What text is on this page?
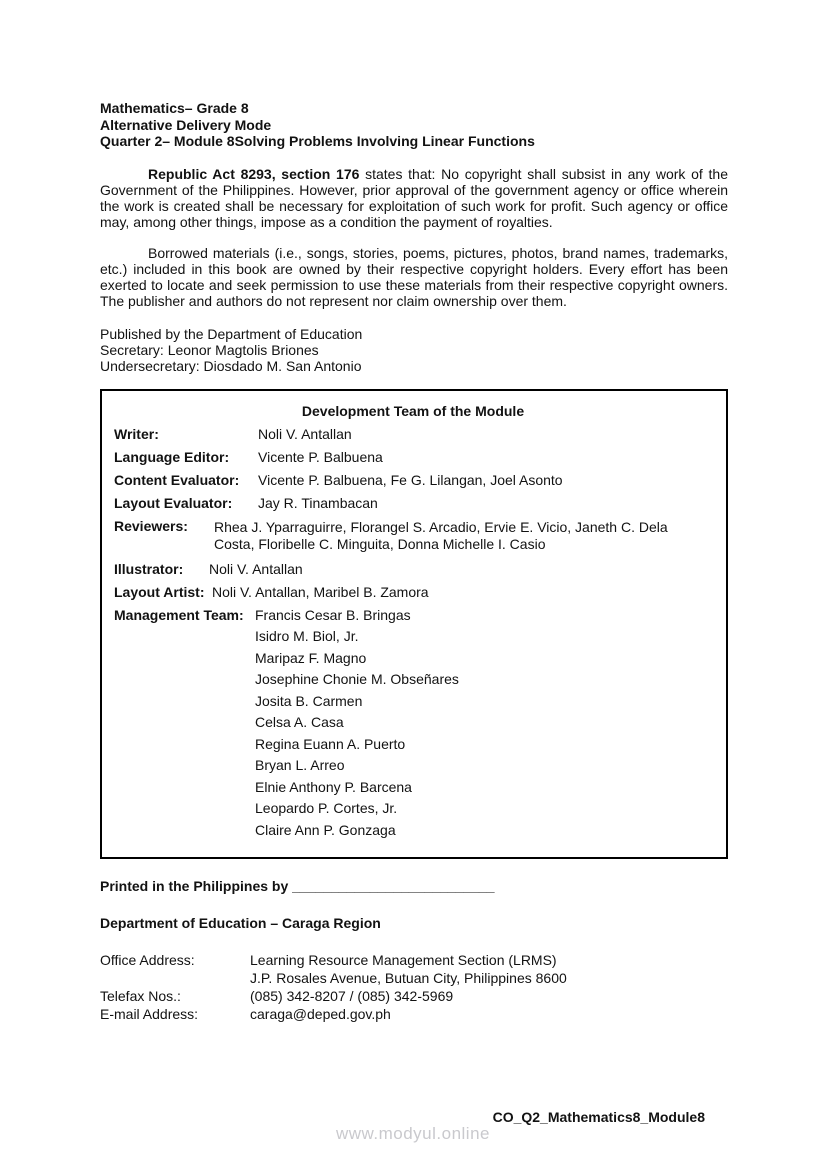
Mathematics– Grade 8
Alternative Delivery Mode
Quarter 2– Module 8Solving Problems Involving Linear Functions

Republic Act 8293, section 176 states that: No copyright shall subsist in any work of the Government of the Philippines. However, prior approval of the government agency or office wherein the work is created shall be necessary for exploitation of such work for profit. Such agency or office may, among other things, impose as a condition the payment of royalties.

Borrowed materials (i.e., songs, stories, poems, pictures, photos, brand names, trademarks, etc.) included in this book are owned by their respective copyright holders. Every effort has been exerted to locate and seek permission to use these materials from their respective copyright owners. The publisher and authors do not represent nor claim ownership over them.

Published by the Department of Education
Secretary: Leonor Magtolis Briones
Undersecretary: Diosdado M. San Antonio
Development Team of the Module
Writer:	Noli V. Antallan
Language Editor:	Vicente P. Balbuena
Content Evaluator:	Vicente P. Balbuena, Fe G. Lilangan, Joel Asonto
Layout Evaluator:	Jay R. Tinambacan
Reviewers:	Rhea J. Yparraguirre, Florangel S. Arcadio, Ervie E. Vicio, Janeth C. Dela Costa, Floribelle C. Minguita, Donna Michelle I. Casio
Illustrator:	Noli V. Antallan
Layout Artist: Noli V. Antallan, Maribel B. Zamora
Management Team: Francis Cesar B. Bringas
Isidro M. Biol, Jr.
Maripaz F. Magno
Josephine Chonie M. Obseñares
Josita B. Carmen
Celsa A. Casa
Regina Euann A. Puerto
Bryan L. Arreo
Elnie Anthony P. Barcena
Leopardo P. Cortes, Jr.
Claire Ann P. Gonzaga
Printed in the Philippines by __________________________
Department of Education – Caraga Region
Office Address:	Learning Resource Management Section (LRMS)
J.P. Rosales Avenue, Butuan City, Philippines 8600
Telefax Nos.:	(085) 342-8207 / (085) 342-5969
E-mail Address:	caraga@deped.gov.ph
CO_Q2_Mathematics8_Module8
www.modyul.online
